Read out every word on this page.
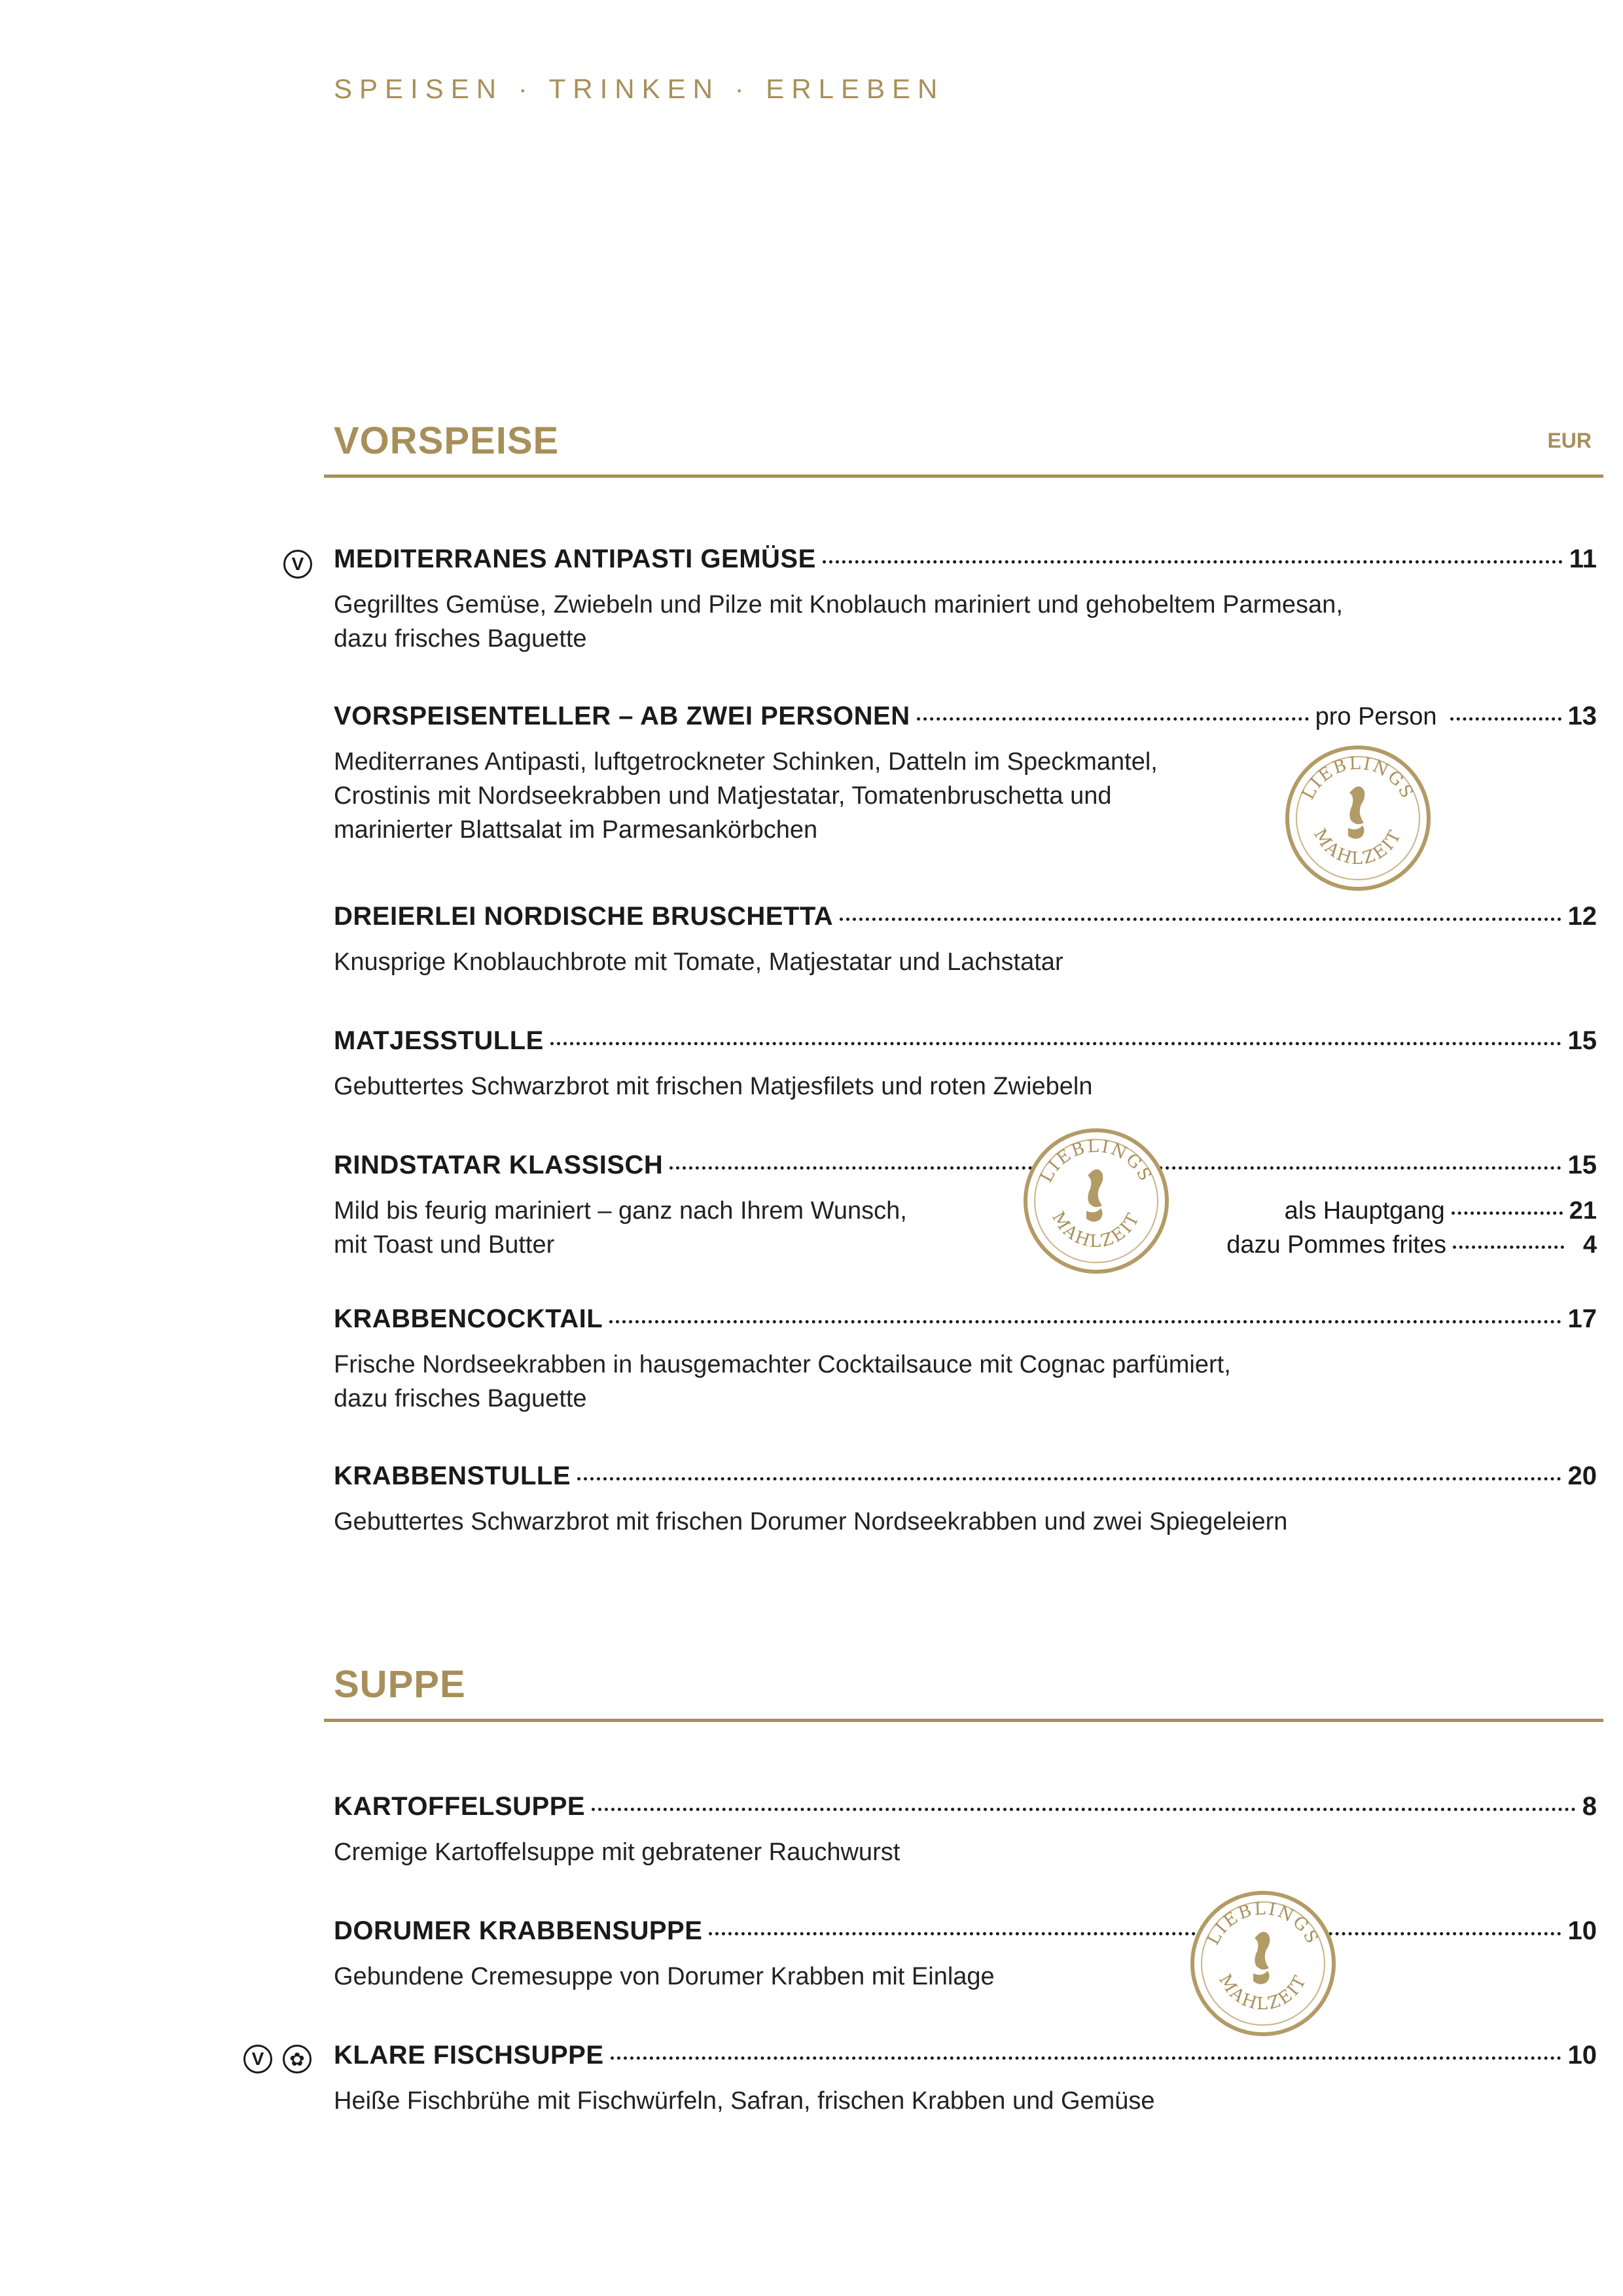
SPEISEN · TRINKEN · ERLEBEN
VORSPEISE	EUR
V	MEDITERRANES ANTIPASTI GEMÜSE	11
Gegrilltes Gemüse, Zwiebeln und Pilze mit Knoblauch mariniert und gehobeltem Parmesan,
dazu frisches Baguette
VORSPEISENTELLER – AB ZWEI PERSONEN	pro Person	13
Mediterranes Antipasti, luftgetrockneter Schinken, Datteln im Speckmantel,
Crostinis mit Nordseekrabben und Matjestatar, Tomatenbruschetta und
marinierter Blattsalat im Parmesankörbchen
LIEBLINGS
MAHLZEIT
DREIERLEI NORDISCHE BRUSCHETTA	12
Knusprige Knoblauchbrote mit Tomate, Matjestatar und Lachstatar
MATJESSTULLE	15
Gebuttertes Schwarzbrot mit frischen Matjesfilets und roten Zwiebeln
RINDSTATAR KLASSISCH	15
Mild bis feurig mariniert – ganz nach Ihrem Wunsch,
mit Toast und Butter
als Hauptgang	21
dazu Pommes frites	4
LIEBLINGS
MAHLZEIT
KRABBENCOCKTAIL	17
Frische Nordseekrabben in hausgemachter Cocktailsauce mit Cognac parfümiert,
dazu frisches Baguette
KRABBENSTULLE	20
Gebuttertes Schwarzbrot mit frischen Dorumer Nordseekrabben und zwei Spiegeleiern
SUPPE
KARTOFFELSUPPE	8
Cremige Kartoffelsuppe mit gebratener Rauchwurst
DORUMER KRABBENSUPPE	10
Gebundene Cremesuppe von Dorumer Krabben mit Einlage
LIEBLINGS
MAHLZEIT
V	✿ KLARE FISCHSUPPE	10
Heiße Fischbrühe mit Fischwürfeln, Safran, frischen Krabben und Gemüse
